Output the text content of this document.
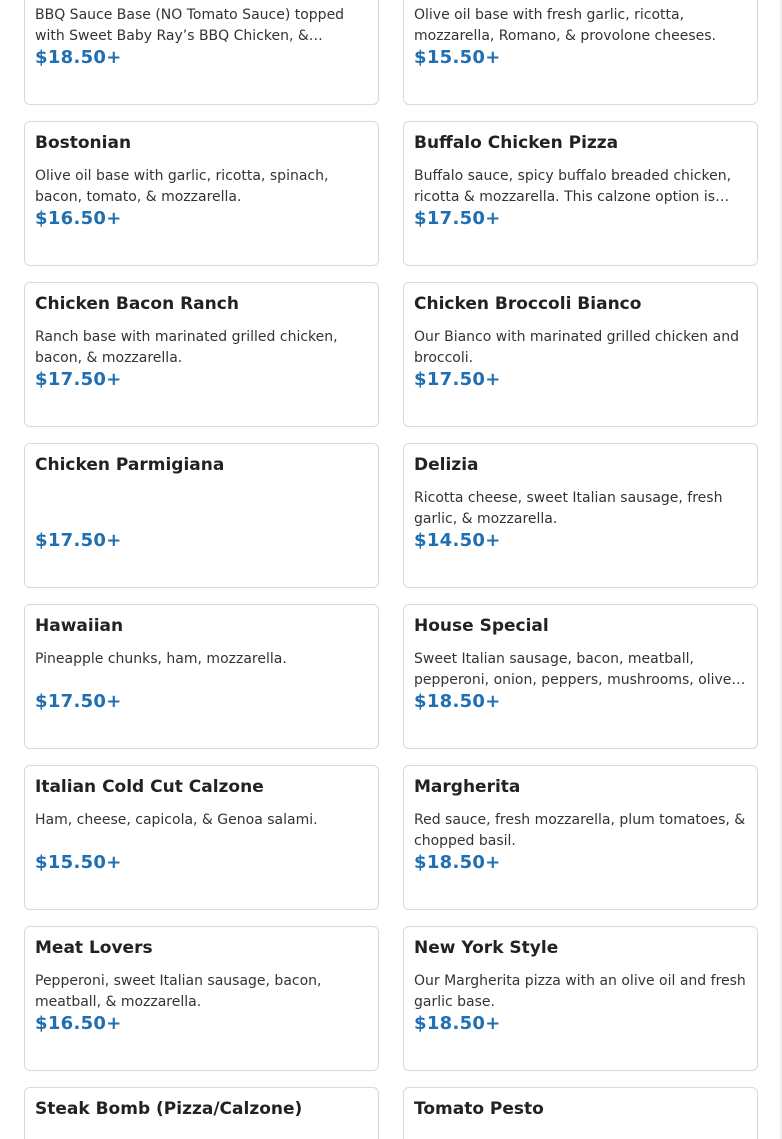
BBQ Sauce Base (NO Tomato Sauce) topped with Sweet Baby Ray’s BBQ Chicken, &
$18.50+
Olive oil base with fresh garlic, ricotta, mozzarella, Romano, & provolone cheeses.
$15.50+
Bostonian
Olive oil base with garlic, ricotta, spinach, bacon, tomato, & mozzarella.
$16.50+
Buffalo Chicken Pizza
Buffalo sauce, spicy buffalo breaded chicken, ricotta & mozzarella. This calzone option is
$17.50+
Chicken Bacon Ranch
Ranch base with marinated grilled chicken, bacon, & mozzarella.
$17.50+
Chicken Broccoli Bianco
Our Bianco with marinated grilled chicken and broccoli.
$17.50+
Chicken Parmigiana
$17.50+
Delizia
Ricotta cheese, sweet Italian sausage, fresh garlic, & mozzarella.
$14.50+
Hawaiian
Pineapple chunks, ham, mozzarella.
$17.50+
House Special
Sweet Italian sausage, bacon, meatball, pepperoni, onion, peppers, mushrooms, olives,
$18.50+
Italian Cold Cut Calzone
Ham, cheese, capicola, & Genoa salami.
$15.50+
Margherita
Red sauce, fresh mozzarella, plum tomatoes, & chopped basil.
$18.50+
Meat Lovers
Pepperoni, sweet Italian sausage, bacon, meatball, & mozzarella.
$16.50+
New York Style
Our Margherita pizza with an olive oil and fresh garlic base.
$18.50+
Steak Bomb (Pizza/Calzone)	Tomato Pesto
